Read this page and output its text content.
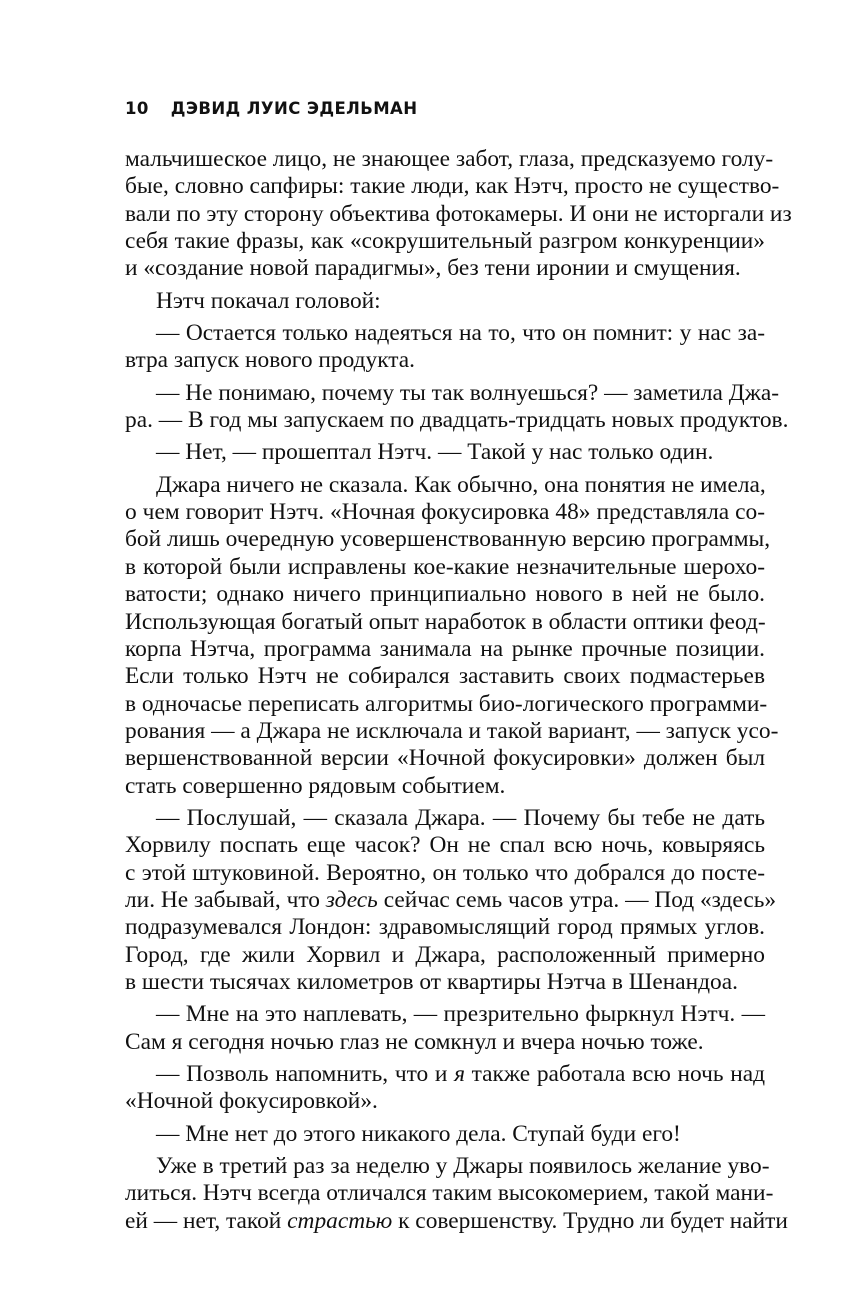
10 ДЭВИД ЛУИС ЭДЕЛЬМАН
мальчишеское лицо, не знающее забот, глаза, предсказуемо голу-
бые, словно сапфиры: такие люди, как Нэтч, просто не существо-
вали по эту сторону объектива фотокамеры. И они не исторгали из
себя такие фразы, как «сокрушительный разгром конкуренции»
и «создание новой парадигмы», без тени иронии и смущения.
Нэтч покачал головой:
— Остается только надеяться на то, что он помнит: у нас за-
втра запуск нового продукта.
— Не понимаю, почему ты так волнуешься? — заметила Джа-
ра. — В год мы запускаем по двадцать-тридцать новых продуктов.
— Нет, — прошептал Нэтч. — Такой у нас только один.
Джара ничего не сказала. Как обычно, она понятия не имела,
о чем говорит Нэтч. «Ночная фокусировка 48» представляла со-
бой лишь очередную усовершенствованную версию программы,
в которой были исправлены кое-какие незначительные шерохо-
ватости; однако ничего принципиально нового в ней не было.
Использующая богатый опыт наработок в области оптики феод-
корпа Нэтча, программа занимала на рынке прочные позиции.
Если только Нэтч не собирался заставить своих подмастерьев
в одночасье переписать алгоритмы био-логического программи-
рования — а Джара не исключала и такой вариант, — запуск усо-
вершенствованной версии «Ночной фокусировки» должен был
стать совершенно рядовым событием.
— Послушай, — сказала Джара. — Почему бы тебе не дать
Хорвилу поспать еще часок? Он не спал всю ночь, ковыряясь
с этой штуковиной. Вероятно, он только что добрался до посте-
ли. Не забывай, что здесь сейчас семь часов утра. — Под «здесь»
подразумевался Лондон: здравомыслящий город прямых углов.
Город, где жили Хорвил и Джара, расположенный примерно
в шести тысячах километров от квартиры Нэтча в Шенандоа.
— Мне на это наплевать, — презрительно фыркнул Нэтч. —
Сам я сегодня ночью глаз не сомкнул и вчера ночью тоже.
— Позволь напомнить, что и я также работала всю ночь над
«Ночной фокусировкой».
— Мне нет до этого никакого дела. Ступай буди его!
Уже в третий раз за неделю у Джары появилось желание уво-
литься. Нэтч всегда отличался таким высокомерием, такой мани-
ей — нет, такой страстью к совершенству. Трудно ли будет найти
